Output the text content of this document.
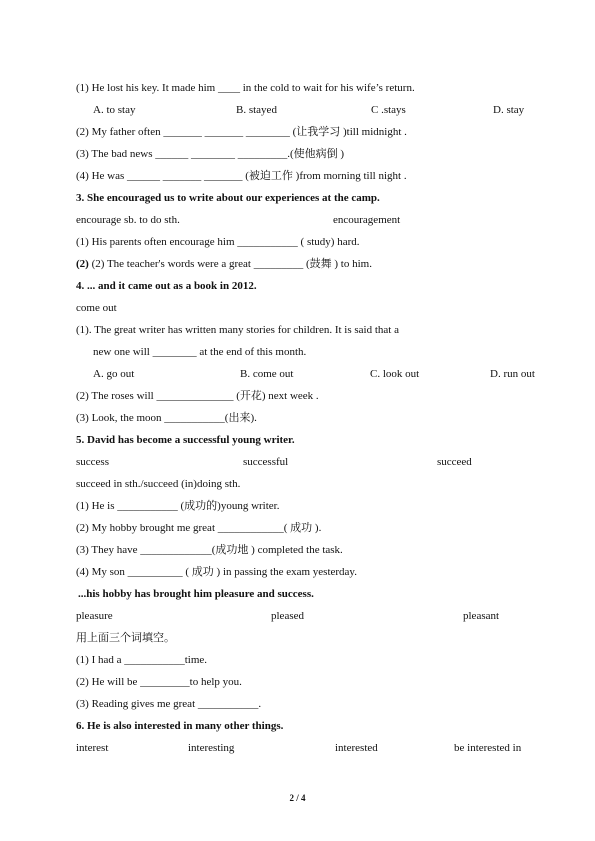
(1) He lost his key. It made him ____ in the cold to wait for his wife’s return.
A. to stay	B. stayed	C .stays	D. stay
(2) My father often _______ _______ ________ (让我学习 )till midnight .
(3) The bad news ______ ________ _________.(使他病倒 )
(4) He was ______ _______ _______ (被迫工作 )from morning till night .
3. She encouraged us to write about our experiences at the camp.
encourage sb. to do sth.	encouragement
(1) His parents often encourage him ___________ ( study) hard.
(2) (2) The teacher's words were a great _________ (鼓舞 ) to him.
4. ... and it came out as a book in 2012.
come out
(1). The great writer has written many stories for children. It is said that a
new one will ________ at the end of this month.
A. go out	B. come out	C. look out	D. run out
(2) The roses will ______________ (开花) next week .
(3) Look, the moon ___________(出来).
5. David has become a successful young writer.
success	successful	succeed
succeed in sth./succeed (in)doing sth.
(1) He is ___________ (成功的)young writer.
(2) My hobby brought me great ____________( 成功 ).
(3) They have _____________(成功地 ) completed the task.
(4) My son __________ ( 成功 ) in passing the exam yesterday.
...his hobby has brought him pleasure and success.
pleasure	pleased	pleasant
用上面三个词填空。
(1) I had a ___________time.
(2) He will be _________to help you.
(3) Reading gives me great ___________.
6. He is also interested in many other things.
interest	interesting	interested	be interested in
2 / 4
